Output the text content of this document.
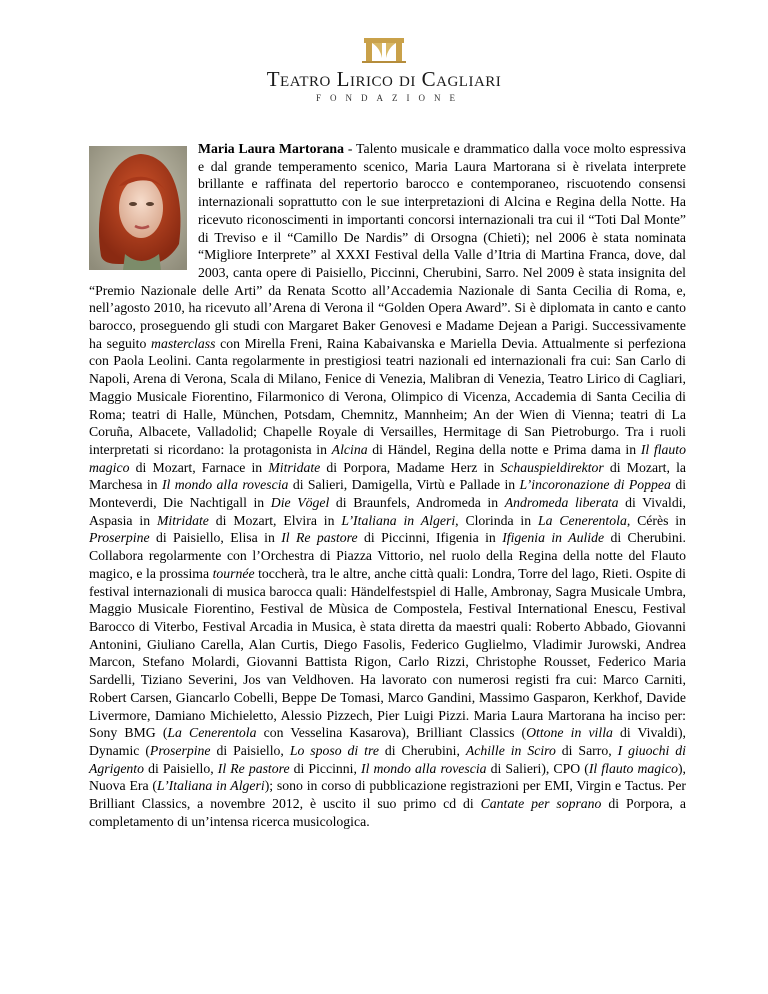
Teatro Lirico di Cagliari
FONDAZIONE
Maria Laura Martorana - Talento musicale e drammatico dalla voce molto espressiva e dal grande temperamento scenico, Maria Laura Martorana si è rivelata interprete brillante e raffinata del repertorio barocco e contemporaneo, riscuotendo consensi internazionali soprattutto con le sue interpretazioni di Alcina e Regina della Notte. Ha ricevuto riconoscimenti in importanti concorsi internazionali tra cui il “Toti Dal Monte” di Treviso e il “Camillo De Nardis” di Orsogna (Chieti); nel 2006 è stata nominata “Migliore Interprete” al XXXI Festival della Valle d’Itria di Martina Franca, dove, dal 2003, canta opere di Paisiello, Piccinni, Cherubini, Sarro. Nel 2009 è stata insignita del “Premio Nazionale delle Arti” da Renata Scotto all’Accademia Nazionale di Santa Cecilia di Roma, e, nell’agosto 2010, ha ricevuto all’Arena di Verona il “Golden Opera Award”. Si è diplomata in canto e canto barocco, proseguendo gli studi con Margaret Baker Genovesi e Madame Dejean a Parigi. Successivamente ha seguito masterclass con Mirella Freni, Raina Kabaivanska e Mariella Devia. Attualmente si perfeziona con Paola Leolini. Canta regolarmente in prestigiosi teatri nazionali ed internazionali fra cui: San Carlo di Napoli, Arena di Verona, Scala di Milano, Fenice di Venezia, Malibran di Venezia, Teatro Lirico di Cagliari, Maggio Musicale Fiorentino, Filarmonico di Verona, Olimpico di Vicenza, Accademia di Santa Cecilia di Roma; teatri di Halle, München, Potsdam, Chemnitz, Mannheim; An der Wien di Vienna; teatri di La Coruña, Albacete, Valladolid; Chapelle Royale di Versailles, Hermitage di San Pietroburgo. Tra i ruoli interpretati si ricordano: la protagonista in Alcina di Händel, Regina della notte e Prima dama in Il flauto magico di Mozart, Farnace in Mitridate di Porpora, Madame Herz in Schauspieldirektor di Mozart, la Marchesa in Il mondo alla rovescia di Salieri, Damigella, Virtù e Pallade in L’incoronazione di Poppea di Monteverdi, Die Nachtigall in Die Vögel di Braunfels, Andromeda in Andromeda liberata di Vivaldi, Aspasia in Mitridate di Mozart, Elvira in L’Italiana in Algeri, Clorinda in La Cenerentola, Cérès in Proserpine di Paisiello, Elisa in Il Re pastore di Piccinni, Ifigenia in Ifigenia in Aulide di Cherubini. Collabora regolarmente con l’Orchestra di Piazza Vittorio, nel ruolo della Regina della notte del Flauto magico, e la prossima tournée toccherà, tra le altre, anche città quali: Londra, Torre del lago, Rieti. Ospite di festival internazionali di musica barocca quali: Händelfestspiel di Halle, Ambronay, Sagra Musicale Umbra, Maggio Musicale Fiorentino, Festival de Mùsica de Compostela, Festival International Enescu, Festival Barocco di Viterbo, Festival Arcadia in Musica, è stata diretta da maestri quali: Roberto Abbado, Giovanni Antonini, Giuliano Carella, Alan Curtis, Diego Fasolis, Federico Guglielmo, Vladimir Jurowski, Andrea Marcon, Stefano Molardi, Giovanni Battista Rigon, Carlo Rizzi, Christophe Rousset, Federico Maria Sardelli, Tiziano Severini, Jos van Veldhoven. Ha lavorato con numerosi registi fra cui: Marco Carniti, Robert Carsen, Giancarlo Cobelli, Beppe De Tomasi, Marco Gandini, Massimo Gasparon, Kerkhof, Davide Livermore, Damiano Michieletto, Alessio Pizzech, Pier Luigi Pizzi. Maria Laura Martorana ha inciso per: Sony BMG (La Cenerentola con Vesselina Kasarova), Brilliant Classics (Ottone in villa di Vivaldi), Dynamic (Proserpine di Paisiello, Lo sposo di tre di Cherubini, Achille in Sciro di Sarro, I giuochi di Agrigento di Paisiello, Il Re pastore di Piccinni, Il mondo alla rovescia di Salieri), CPO (Il flauto magico), Nuova Era (L’Italiana in Algeri); sono in corso di pubblicazione registrazioni per EMI, Virgin e Tactus. Per Brilliant Classics, a novembre 2012, è uscito il suo primo cd di Cantate per soprano di Porpora, a completamento di un’intensa ricerca musicologica.
